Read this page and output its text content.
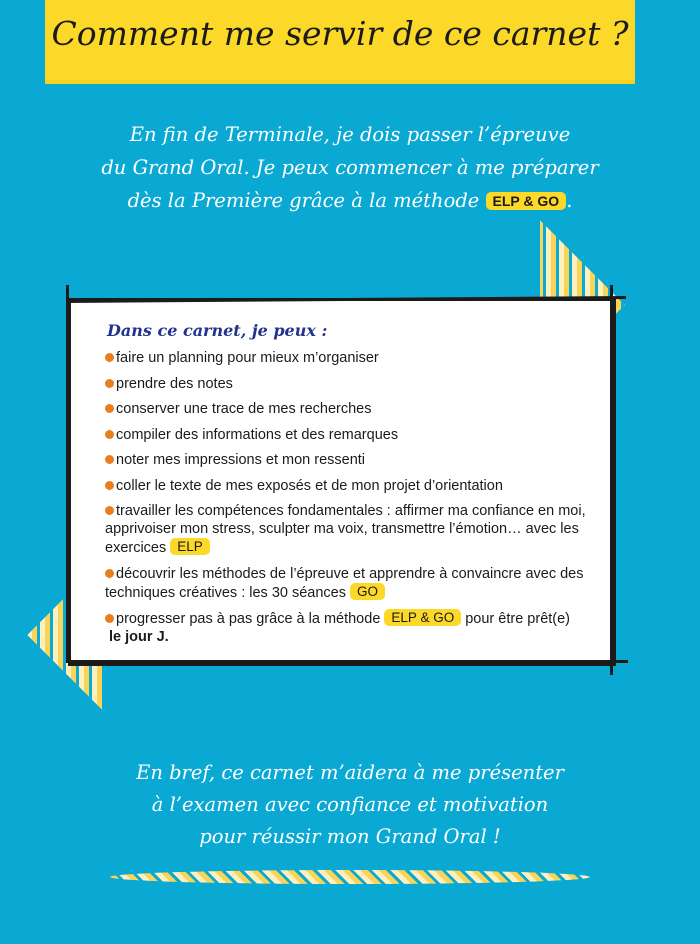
Comment me servir de ce carnet ?
En fin de Terminale, je dois passer l’épreuve
du Grand Oral. Je peux commencer à me préparer
dès la Première grâce à la méthode ELP & GO .
Dans ce carnet, je peux :
faire un planning pour mieux m’organiser
prendre des notes
conserver une trace de mes recherches
compiler des informations et des remarques
noter mes impressions et mon ressenti
coller le texte de mes exposés et de mon projet d’orientation
travailler les compétences fondamentales : affirmer ma confiance en moi, apprivoiser mon stress, sculpter ma voix, transmettre l’émotion… avec les exercices ELP
découvrir les méthodes de l’épreuve et apprendre à convaincre avec des techniques créatives : les 30 séances GO
progresser pas à pas grâce à la méthode ELP & GO pour être prêt(e)
le jour J.
En bref, ce carnet m’aidera à me présenter
à l’examen avec confiance et motivation
pour réussir mon Grand Oral !
